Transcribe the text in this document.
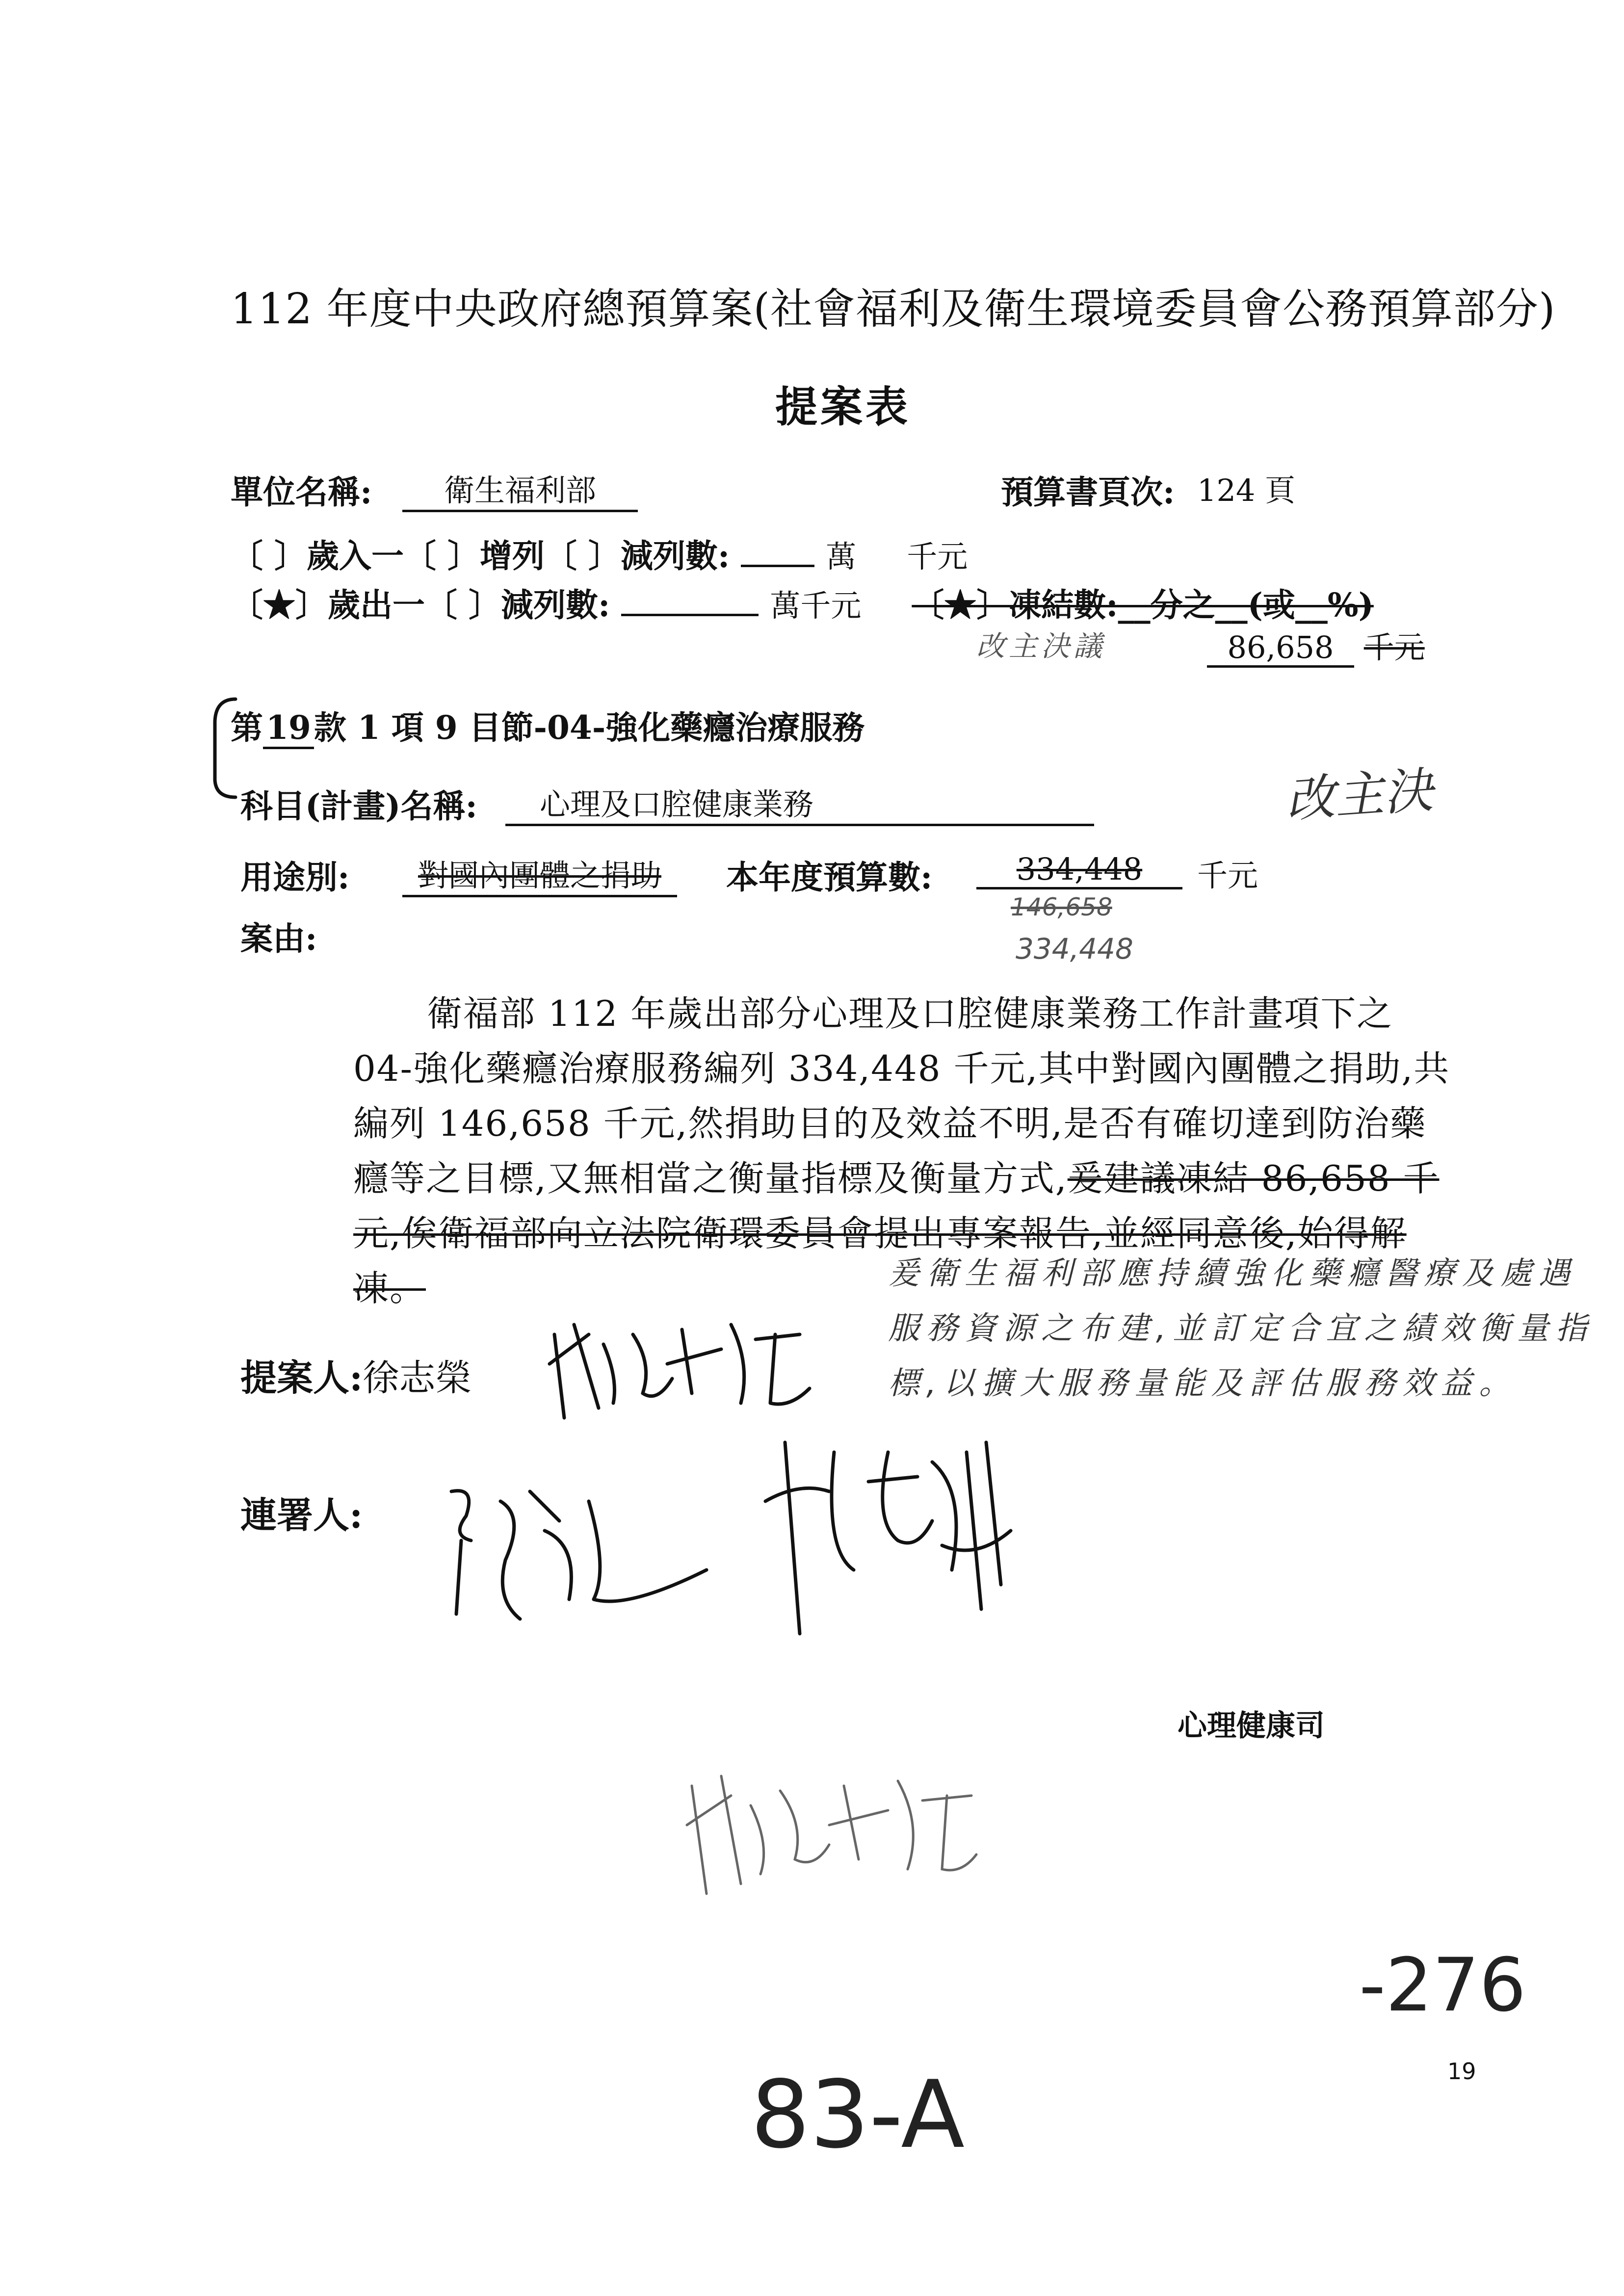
112 年度中央政府總預算案(社會福利及衛生環境委員會公務預算部分)
提案表
單位名稱:	衛生福利部	預算書頁次: 124 頁
〔 〕歲入一〔 〕增列〔 〕減列數:	萬 千元
〔★〕歲出一〔 〕減列數:	萬千元 〔★〕凍結數:__分之__(或__%)
改主決議	86,658 千元
第19款 1 項 9 目節-04-強化藥癮治療服務
科目(計畫)名稱:	心理及口腔健康業務	改主決
用途別:	對國內團體之捐助	本年度預算數:	334,448	千元
146,658
334,448
案由:
衛福部 112 年歲出部分心理及口腔健康業務工作計畫項下之 04-強化藥癮治療服務編列 334,448 千元,其中對國內團體之捐助,共編列 146,658 千元,然捐助目的及效益不明,是否有確切達到防治藥癮等之目標,又無相當之衡量指標及衡量方式,爰建議凍結 86,658 千元,俟衛福部向立法院衛環委員會提出專案報告,並經同意後,始得解凍。	爰衛生福利部應持續強化藥癮醫療及處遇服務資源之布建,並訂定合宜之績效衡量指標,以擴大服務量能及評估服務效益。
提案人:徐志榮
連署人:
心理健康司
-276
83-A	19
